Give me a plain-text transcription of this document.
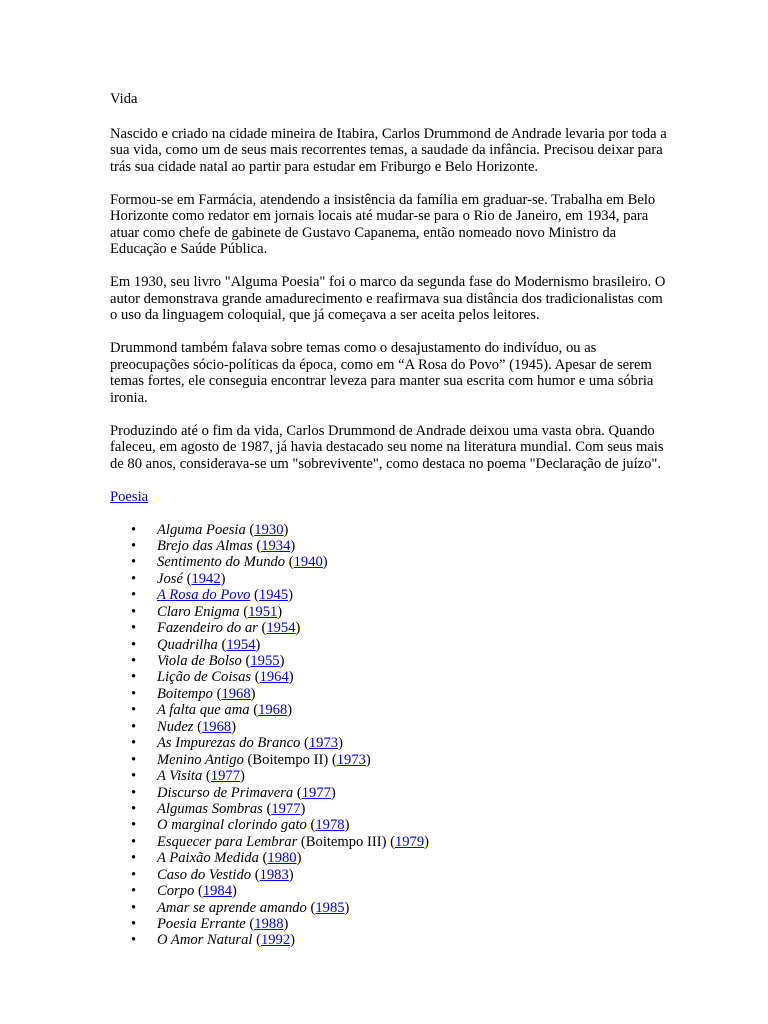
Vida

Nascido e criado na cidade mineira de Itabira, Carlos Drummond de Andrade levaria por toda a sua vida, como um de seus mais recorrentes temas, a saudade da infância. Precisou deixar para trás sua cidade natal ao partir para estudar em Friburgo e Belo Horizonte.

Formou-se em Farmácia, atendendo a insistência da família em graduar-se. Trabalha em Belo Horizonte como redator em jornais locais até mudar-se para o Rio de Janeiro, em 1934, para atuar como chefe de gabinete de Gustavo Capanema, então nomeado novo Ministro da Educação e Saúde Pública.

Em 1930, seu livro "Alguma Poesia" foi o marco da segunda fase do Modernismo brasileiro. O autor demonstrava grande amadurecimento e reafirmava sua distância dos tradicionalistas com o uso da linguagem coloquial, que já começava a ser aceita pelos leitores.

Drummond também falava sobre temas como o desajustamento do indivíduo, ou as preocupações sócio-políticas da época, como em “A Rosa do Povo” (1945). Apesar de serem temas fortes, ele conseguia encontrar leveza para manter sua escrita com humor e uma sóbria ironia.

Produzindo até o fim da vida, Carlos Drummond de Andrade deixou uma vasta obra. Quando faleceu, em agosto de 1987, já havia destacado seu nome na literatura mundial. Com seus mais de 80 anos, considerava-se um "sobrevivente", como destaca no poema "Declaração de juízo".

Poesia
• Alguma Poesia (1930)
• Brejo das Almas (1934)
• Sentimento do Mundo (1940)
• José (1942)
• A Rosa do Povo (1945)
• Claro Enigma (1951)
• Fazendeiro do ar (1954)
• Quadrilha (1954)
• Viola de Bolso (1955)
• Lição de Coisas (1964)
• Boitempo (1968)
• A falta que ama (1968)
• Nudez (1968)
• As Impurezas do Branco (1973)
• Menino Antigo (Boitempo II) (1973)
• A Visita (1977)
• Discurso de Primavera (1977)
• Algumas Sombras (1977)
• O marginal clorindo gato (1978)
• Esquecer para Lembrar (Boitempo III) (1979)
• A Paixão Medida (1980)
• Caso do Vestido (1983)
• Corpo (1984)
• Amar se aprende amando (1985)
• Poesia Errante (1988)
• O Amor Natural (1992)
